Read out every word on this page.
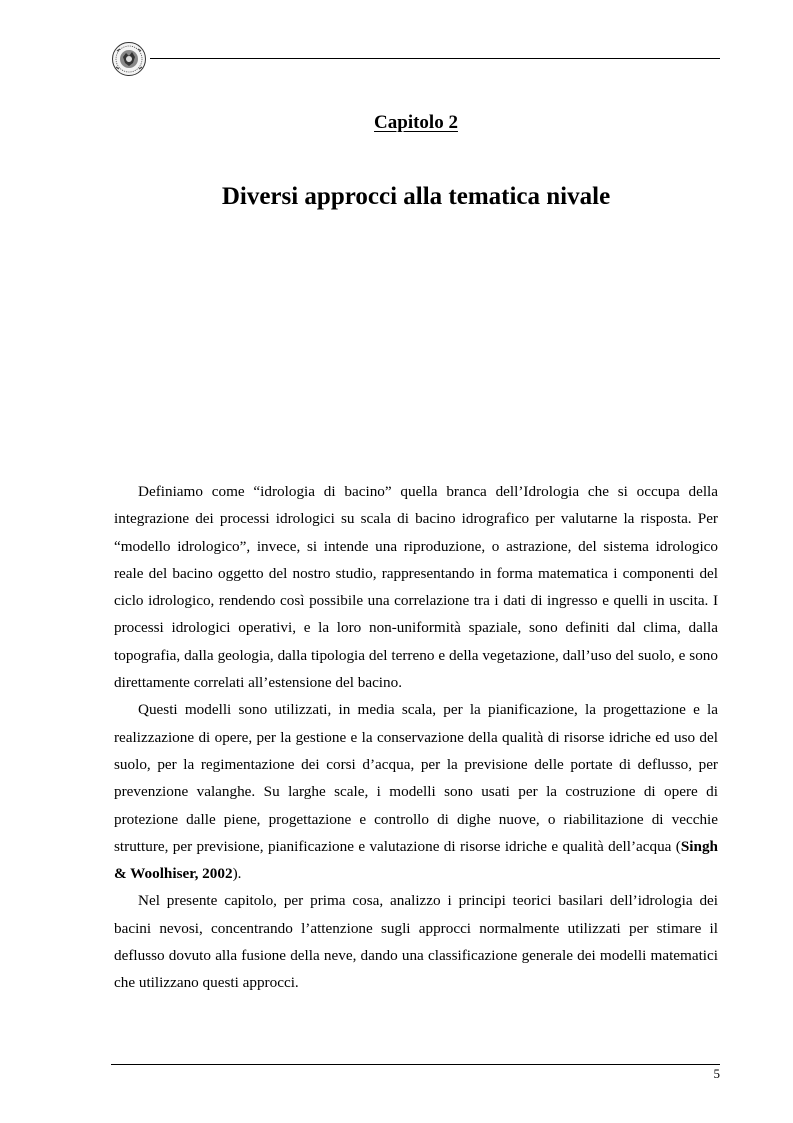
Capitolo 2
Diversi approcci alla tematica nivale

Definiamo come “idrologia di bacino” quella branca dell’Idrologia che si occupa della integrazione dei processi idrologici su scala di bacino idrografico per valutarne la risposta. Per “modello idrologico”, invece, si intende una riproduzione, o astrazione, del sistema idrologico reale del bacino oggetto del nostro studio, rappresentando in forma matematica i componenti del ciclo idrologico, rendendo così possibile una correlazione tra i dati di ingresso e quelli in uscita. I processi idrologici operativi, e la loro non-uniformità spaziale, sono definiti dal clima, dalla topografia, dalla geologia, dalla tipologia del terreno e della vegetazione, dall’uso del suolo, e sono direttamente correlati all’estensione del bacino.

Questi modelli sono utilizzati, in media scala, per la pianificazione, la progettazione e la realizzazione di opere, per la gestione e la conservazione della qualità di risorse idriche ed uso del suolo, per la regimentazione dei corsi d’acqua, per la previsione delle portate di deflusso, per prevenzione valanghe. Su larghe scale, i modelli sono usati per la costruzione di opere di protezione dalle piene, progettazione e controllo di dighe nuove, o riabilitazione di vecchie strutture, per previsione, pianificazione e valutazione di risorse idriche e qualità dell’acqua (Singh & Woolhiser, 2002).

Nel presente capitolo, per prima cosa, analizzo i principi teorici basilari dell’idrologia dei bacini nevosi, concentrando l’attenzione sugli approcci normalmente utilizzati per stimare il deflusso dovuto alla fusione della neve, dando una classificazione generale dei modelli matematici che utilizzano questi approcci.

5
